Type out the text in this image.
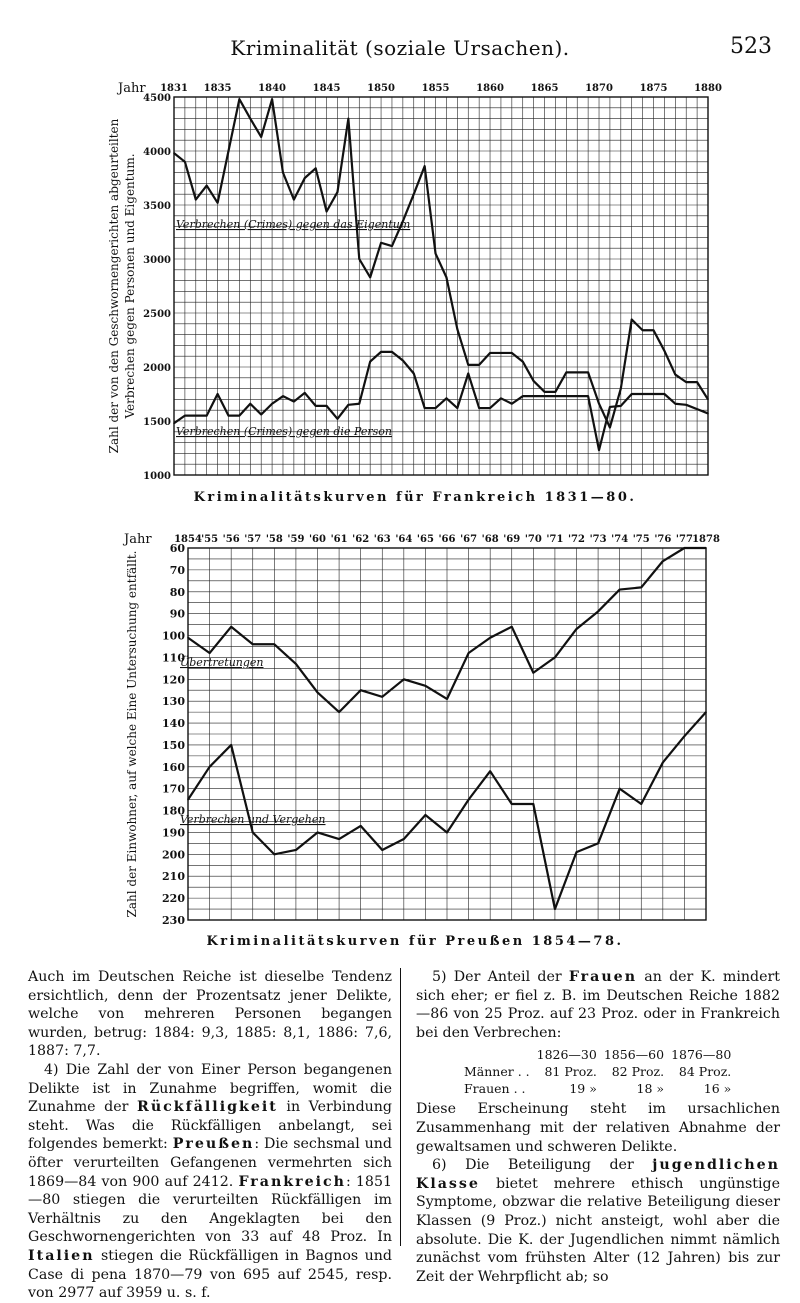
Kriminalität (soziale Ursachen).	523
1831 1835	1840	1845	1850	1855	1860	1865	1870	1875	1880
Jahr
1000
1500
2000
2500
3000
3500
4000
4500
Zahl der von den Geschwornengerichten abgeurteilten Verbrechen gegen Personen und Eigentum.	Verbrechen (Crimes) gegen das Eigentum
Verbrechen (Crimes) gegen die Person
Kriminalitätskurven für Frankreich 1831—80.
1854 '55 '56 '57 '58 '59 '60 '61 '62 '63 '64 '65 '66 '67 '68 '69 '70 '71 '72 '73 '74 '75 '76 '77 1878
Jahr
60
70
80
90
100
110
120
130
140
150
160
170
180
190
200
210
220
230
Zahl der Einwohner, auf welche Eine Untersuchung entfällt.	Übertretungen
Verbrechen und Vergehen
Kriminalitätskurven für Preußen 1854—78.

Auch im Deutschen Reiche ist dieselbe Tendenz ersichtlich, denn der Prozentsatz jener Delikte, welche von mehreren Personen begangen wurden, betrug: 1884: 9,3, 1885: 8,1, 1886: 7,6, 1887: 7,7.

4) Die Zahl der von Einer Person begangenen Delikte ist in Zunahme begriffen, womit die Zunahme der Rückfälligkeit in Verbindung steht. Was die Rückfälligen anbelangt, sei folgendes bemerkt: Preußen: Die sechsmal und öfter verurteilten Gefangenen vermehrten sich 1869—84 von 900 auf 2412. Frankreich: 1851—80 stiegen die verurteilten Rückfälligen im Verhältnis zu den Angeklagten bei den Geschwornengerichten von 33 auf 48 Proz. In Italien stiegen die Rückfälligen in Bagnos und Case di pena 1870—79 von 695 auf 2545, resp. von 2977 auf 3959 u. s. f.

5) Der Anteil der Frauen an der K. mindert sich eher; er fiel z. B. im Deutschen Reiche 1882—86 von 25 Proz. auf 23 Proz. oder in Frankreich bei den Verbrechen:

	1826—30	1856—60	1876—80
Männer . .	81 Proz.	82 Proz.	84 Proz.
Frauen . .	19 »	18 »	16 »

Diese Erscheinung steht im ursachlichen Zusammenhang mit der relativen Abnahme der gewaltsamen und schweren Delikte.

6) Die Beteiligung der jugendlichen Klasse bietet mehrere ethisch ungünstige Symptome, obzwar die relative Beteiligung dieser Klassen (9 Proz.) nicht ansteigt, wohl aber die absolute. Die K. der Jugendlichen nimmt nämlich zunächst vom frühsten Alter (12 Jahren) bis zur Zeit der Wehrpflicht ab; so
